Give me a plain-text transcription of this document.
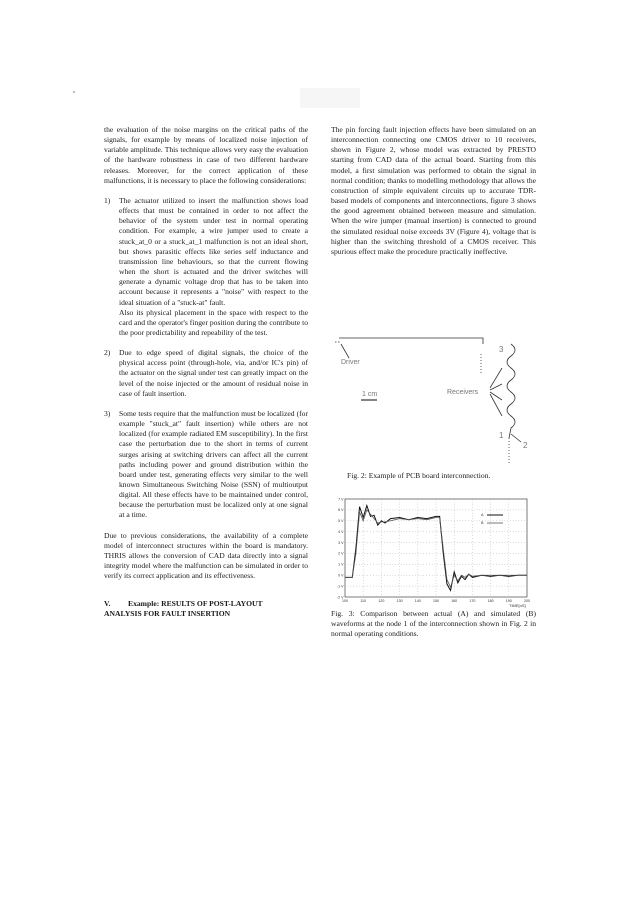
the evaluation of the noise margins on the critical paths of the signals, for example by means of localized noise injection of variable amplitude. This technique allows very easy the evaluation of the hardware robustness in case of two different hardware releases. Moreover, for the correct application of these malfunctions, it is necessary to place the following considerations:

1) The actuator utilized to insert the malfunction shows load effects that must be contained in order to not affect the behavior of the system under test in normal operating condition. For example, a wire jumper used to create a stuck_at_0 or a stuck_at_1 malfunction is not an ideal short, but shows parasitic effects like series self inductance and transmission line behaviours, so that the current flowing when the short is actuated and the driver switches will generate a dynamic voltage drop that has to be taken into account because it represents a "noise" with respect to the ideal situation of a "stuck-at" fault.
Also its physical placement in the space with respect to the card and the operator's finger position during the contribute to the poor predictability and repeability of the test.
2) Due to edge speed of digital signals, the choice of the physical access point (through-hole, via, and/or IC's pin) of the actuator on the signal under test can greatly impact on the level of the noise injected or the amount of residual noise in case of fault insertion.
3) Some tests require that the malfunction must be localized (for example "stuck_at" fault insertion) while others are not localized (for example radiated EM susceptibility). In the first case the perturbation due to the short in terms of current surges arising at switching drivers can affect all the current paths including power and ground distribution within the board under test, generating effects very similar to the well known Simultaneous Switching Noise (SSN) of multioutput digital. All these effects have to be maintained under control, because the perturbation must be localized only at one signal at a time.

Due to previous considerations, the availability of a complete model of interconnect structures within the board is mandatory. THRIS allows the conversion of CAD data directly into a signal integrity model where the malfunction can be simulated in order to verify its correct application and its effectiveness.

V. Example: RESULTS OF POST-LAYOUT
ANALYSIS FOR FAULT INSERTION

The pin forcing fault injection effects have been simulated on an interconnection connecting one CMOS driver to 10 receivers, shown in Figure 2, whose model was extracted by PRESTO starting from CAD data of the actual board. Starting from this model, a first simulation was performed to obtain the signal in normal condition; thanks to modelling methodology that allows the construction of simple equivalent circuits up to accurate TDR-based models of components and interconnections, figure 3 shows the good agreement obtained between measure and simulation. When the wire jumper (manual insertion) is connected to ground the simulated residual noise exceeds 3V (Figure 4), voltage that is higher than the switching threshold of a CMOS receiver. This spurious effect make the procedure practically ineffective.

Driver
1 cm	Receivers
3
1
2
Fig. 2: Example of PCB board interconnection.
7 V
6 V
5 V
4 V
3 V
2 V
1 V
0 V
-1 V
-2 V
100	110	120	130	140	150	160	170	180	190	200
A
B
TIME[nS]
Fig. 3: Comparison between actual (A) and simulated (B) waveforms at the node 1 of the interconnection shown in Fig. 2 in normal operating conditions.
